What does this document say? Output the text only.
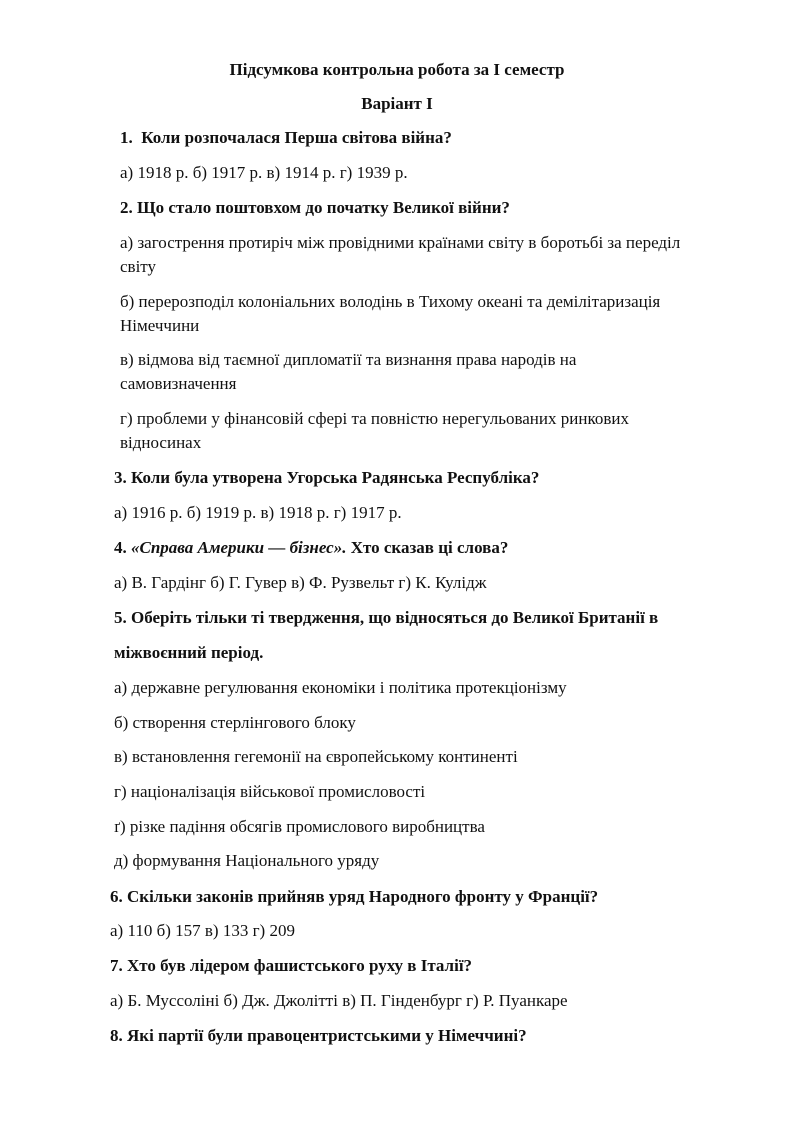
Підсумкова контрольна робота за І семестр

Варіант І

1. Коли розпочалася Перша світова війна?

а) 1918 р. б) 1917 р. в) 1914 р. г) 1939 р.

2. Що стало поштовхом до початку Великої війни?

а) загострення протиріч між провідними країнами світу в боротьбі за переділ

світу

б) перерозподіл колоніальних володінь в Тихому океані та демілітаризація

Німеччини

в) відмова від таємної дипломатії та визнання права народів на

самовизначення

г) проблеми у фінансовій сфері та повністю нерегульованих ринкових

відносинах

3. Коли була утворена Угорська Радянська Республіка?

а) 1916 р. б) 1919 р. в) 1918 р. г) 1917 р.

4. «Справа Америки — бізнес». Хто сказав ці слова?

а) В. Гардінг б) Г. Гувер в) Ф. Рузвельт г) К. Кулідж

5. Оберіть тільки ті твердження, що відносяться до Великої Британії в

міжвоєнний період.

а) державне регулювання економіки і політика протекціонізму

б) створення стерлінгового блоку

в) встановлення гегемонії на європейському континенті

г) націоналізація військової промисловості

ґ) різке падіння обсягів промислового виробництва

д) формування Національного уряду

6. Скільки законів прийняв уряд Народного фронту у Франції?

а) 110 б) 157 в) 133 г) 209

7. Хто був лідером фашистського руху в Італії?

а) Б. Муссоліні б) Дж. Джолітті в) П. Гінденбург г) Р. Пуанкаре

8. Які партії були правоцентристськими у Німеччині?
